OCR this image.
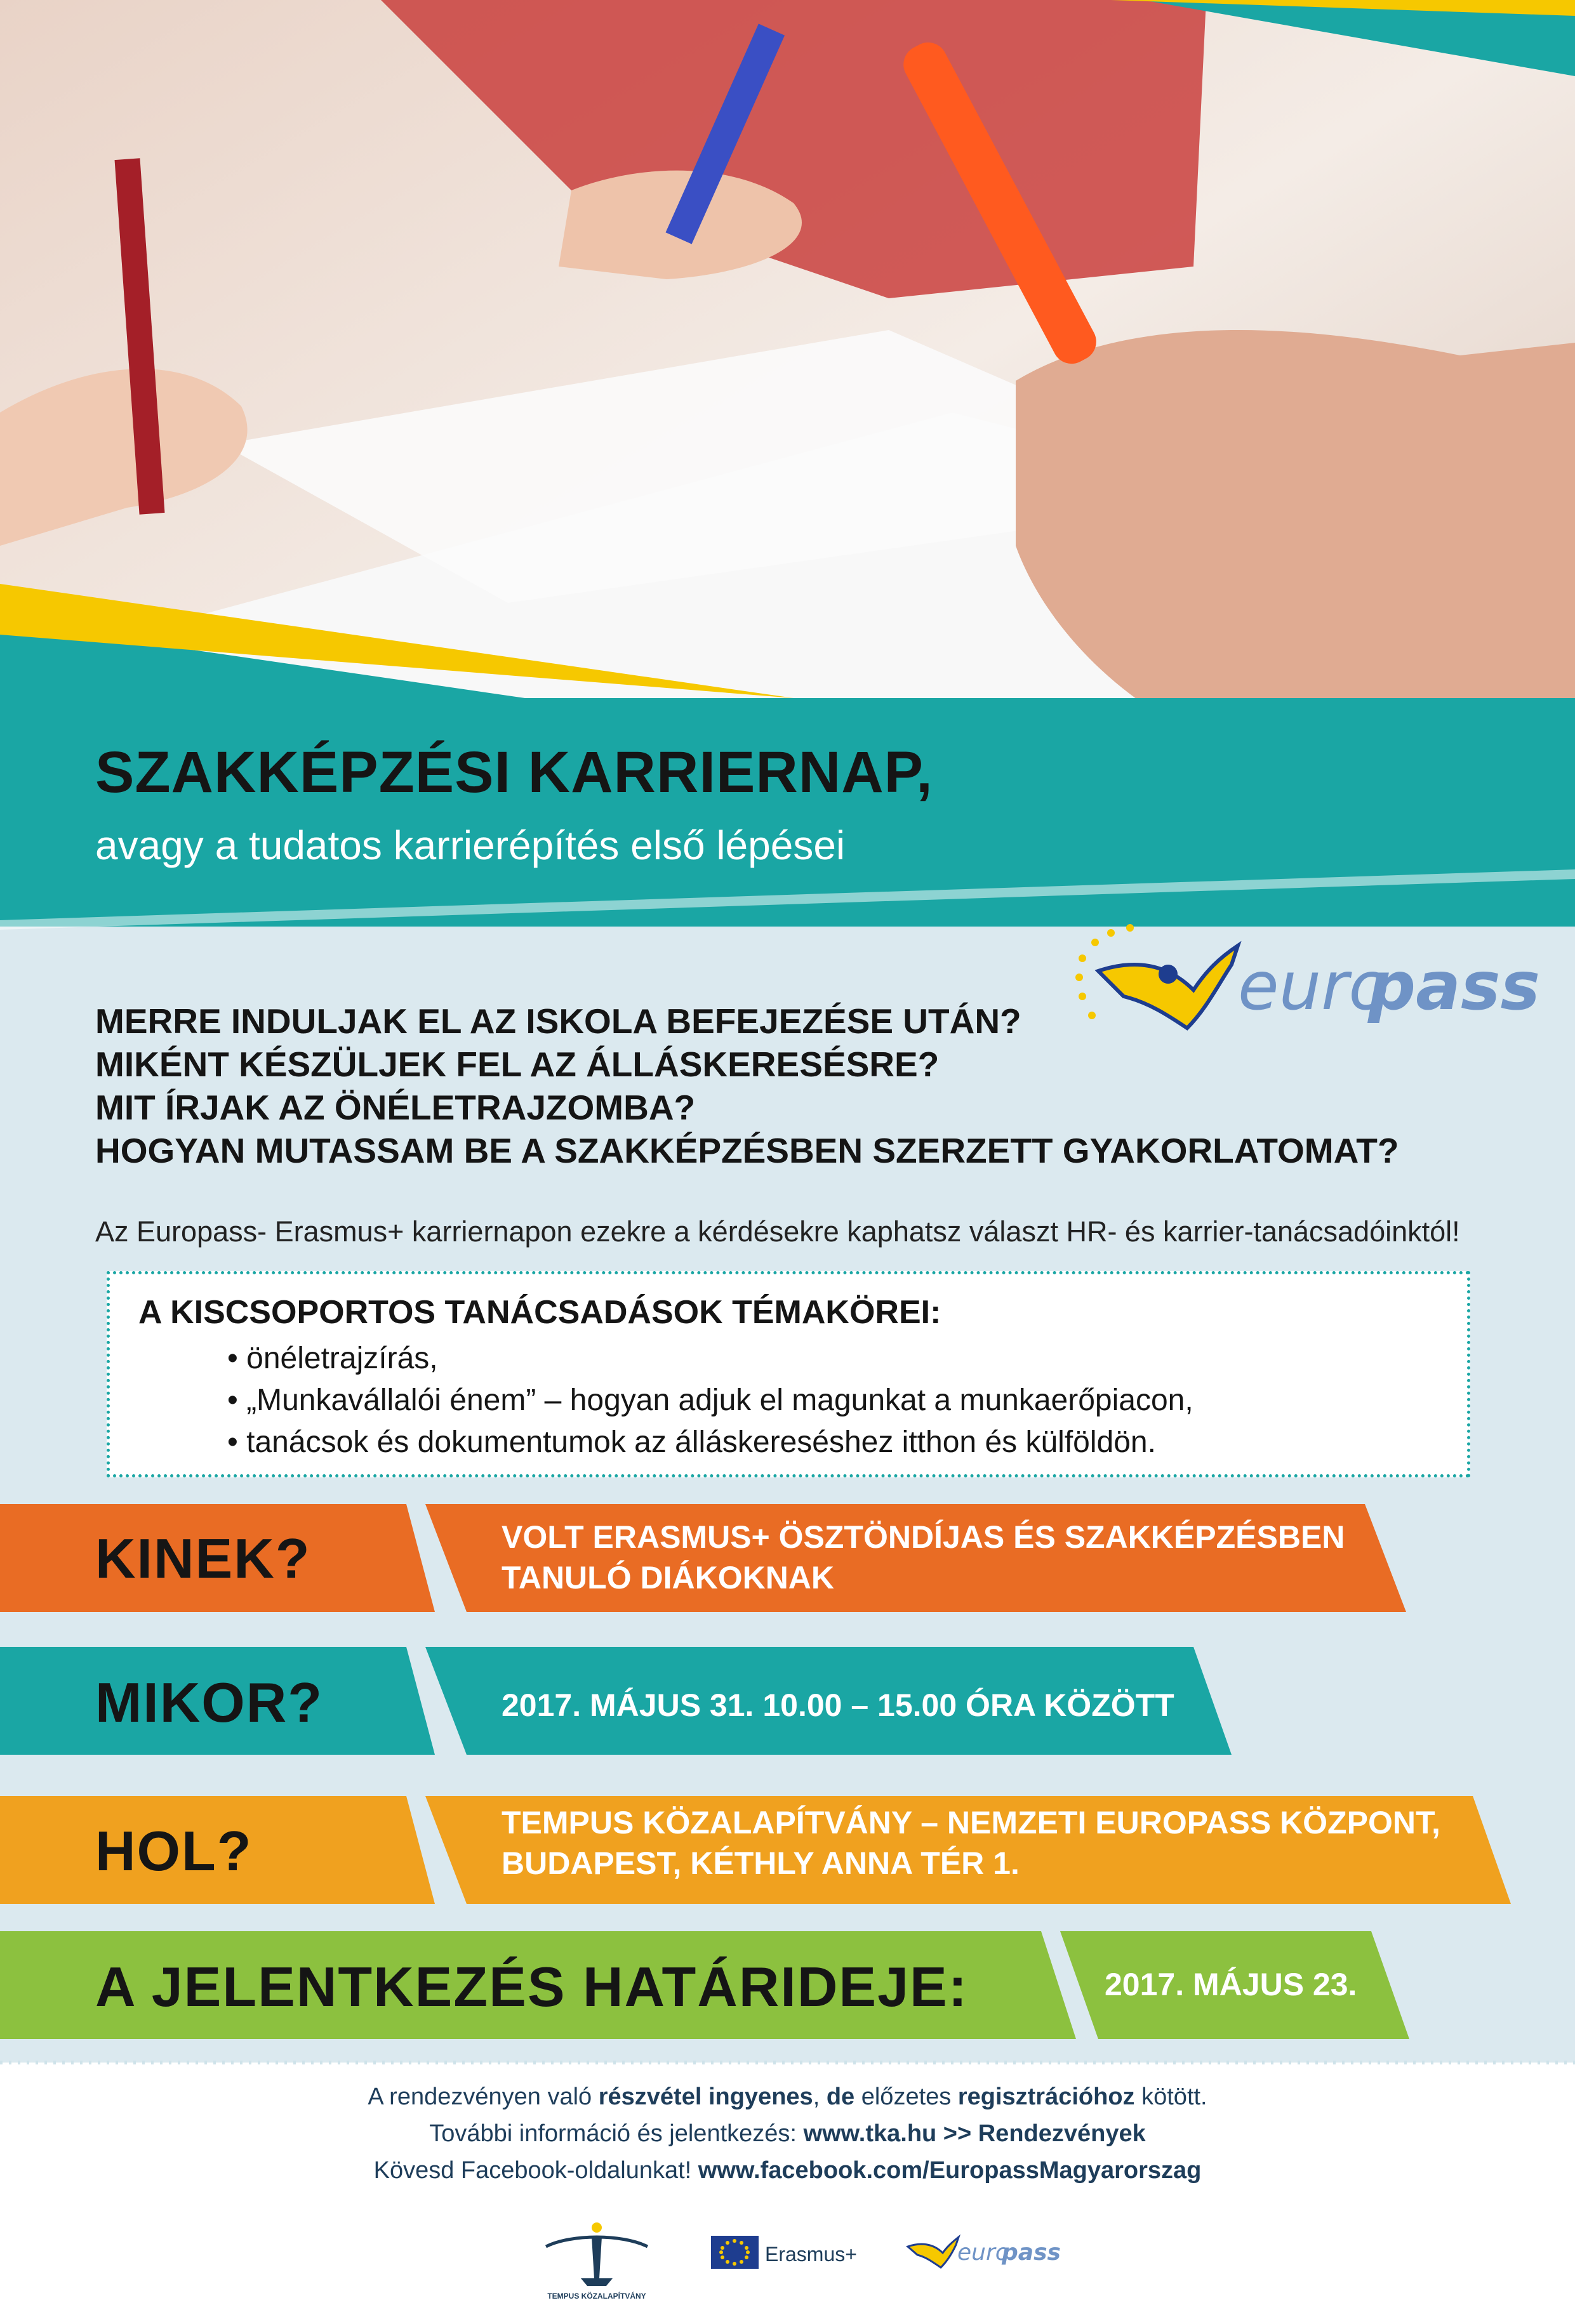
SZAKKÉPZÉSI KARRIERNAP,
avagy a tudatos karrierépítés első lépései
euro
pass
MERRE INDULJAK EL AZ ISKOLA BEFEJEZÉSE UTÁN?
MIKÉNT KÉSZÜLJEK FEL AZ ÁLLÁSKERESÉSRE?
MIT ÍRJAK AZ ÖNÉLETRAJZOMBA?
HOGYAN MUTASSAM BE A SZAKKÉPZÉSBEN SZERZETT GYAKORLATOMAT?
Az Europass- Erasmus+ karriernapon ezekre a kérdésekre kaphatsz választ HR- és karrier-tanácsadóinktól!
A KISCSOPORTOS TANÁCSADÁSOK TÉMAKÖREI:
• önéletrajzírás,
• „Munkavállalói énem” – hogyan adjuk el magunkat a munkaerőpiacon,
• tanácsok és dokumentumok az álláskereséshez itthon és külföldön.
KINEK?	VOLT ERASMUS+ ÖSZTÖNDÍJAS ÉS SZAKKÉPZÉSBEN
TANULÓ DIÁKOKNAK
MIKOR?	2017. MÁJUS 31. 10.00 – 15.00 ÓRA KÖZÖTT
HOL?	TEMPUS KÖZALAPÍTVÁNY – NEMZETI EUROPASS KÖZPONT,
BUDAPEST, KÉTHLY ANNA TÉR 1.
A JELENTKEZÉS HATÁRIDEJE:	2017. MÁJUS 23.
A rendezvényen való részvétel ingyenes, de előzetes regisztrációhoz kötött.
További információ és jelentkezés: www.tka.hu >> Rendezvények
Kövesd Facebook-oldalunkat! www.facebook.com/EuropassMagyarorszag
TEMPUS KÖZALAPÍTVÁNY
Erasmus+	euro
pass
